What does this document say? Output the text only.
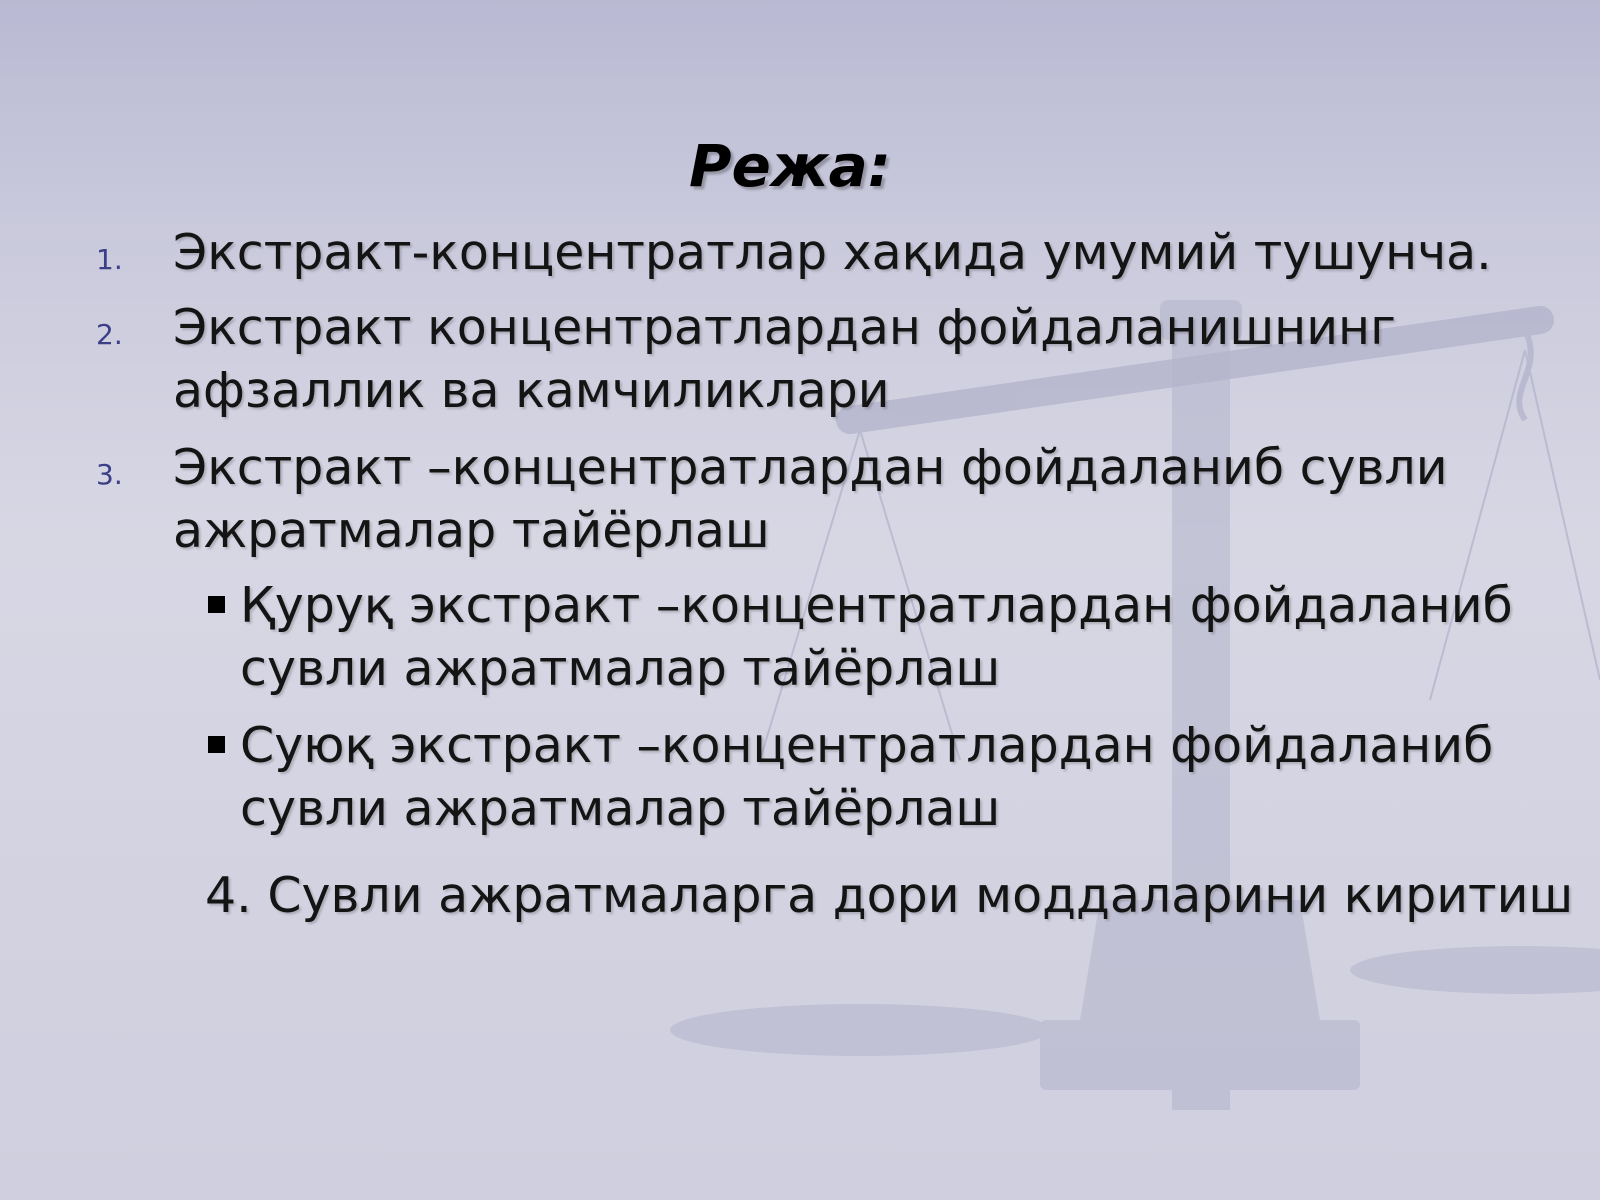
Режа:
1. Экстракт-концентратлар хақида умумий тушунча.
2. Экстракт концентратлардан фойдаланишнинг
афзаллик ва камчиликлари
3. Экстракт –концентратлардан фойдаланиб сувли
ажратмалар тайёрлаш
Қуруқ экстракт –концентратлардан фойдаланиб
сувли ажратмалар тайёрлаш
Суюқ экстракт –концентратлардан фойдаланиб
сувли ажратмалар тайёрлаш
4. Сувли ажратмаларга дори моддаларини киритиш
